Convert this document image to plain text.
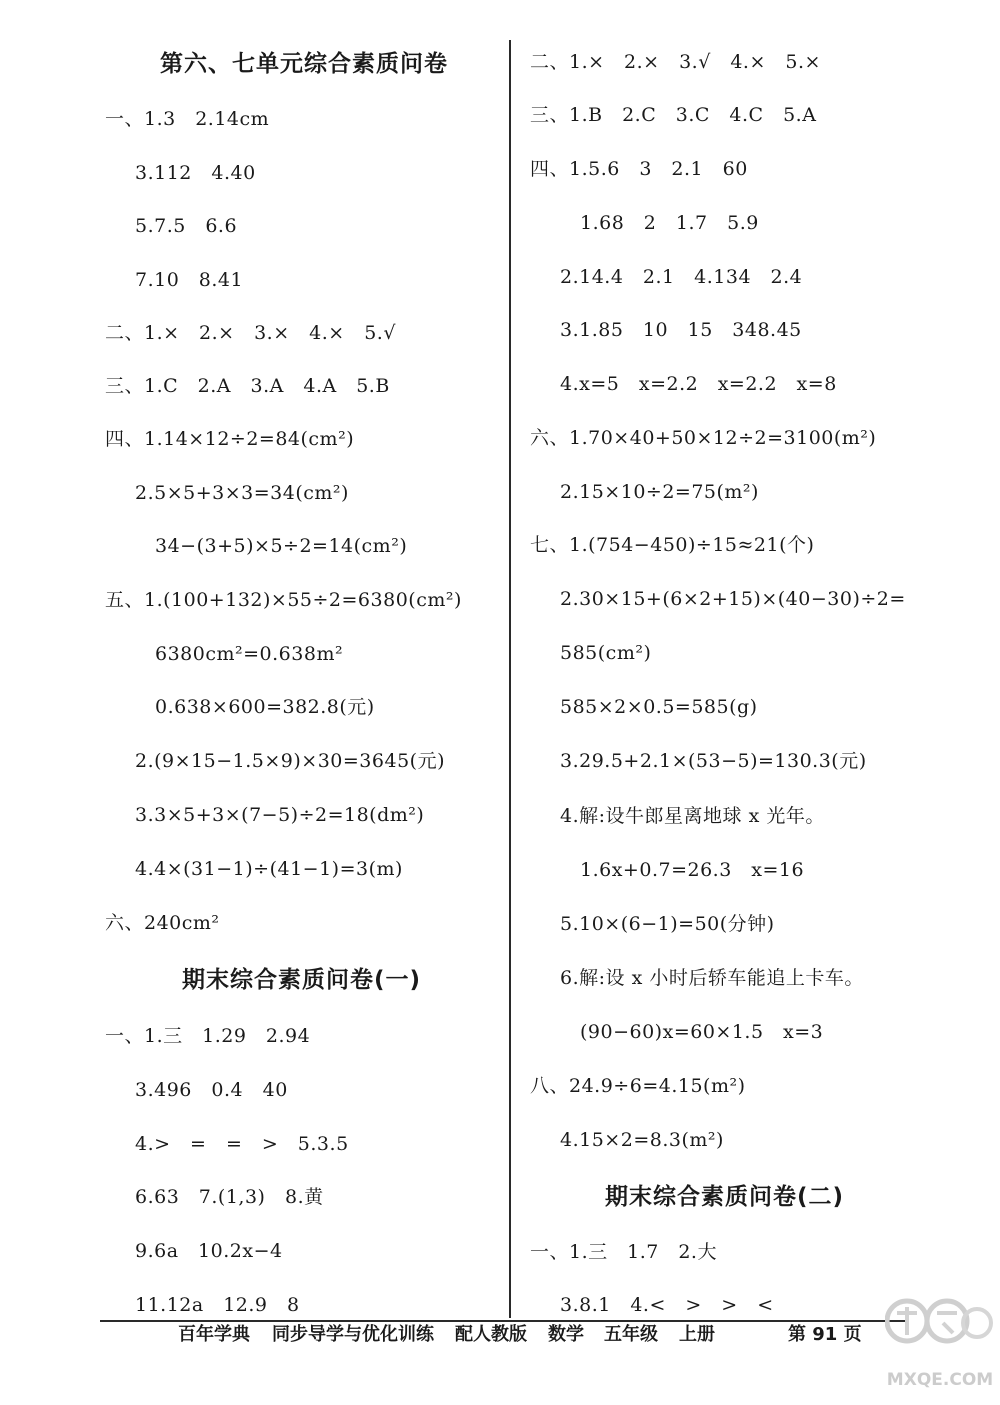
第六、七单元综合素质问卷
一、1.3　2.14cm
3.112　4.40
5.7.5　6.6
7.10　8.41
二、1.×　2.×　3.×　4.×　5.√
三、1.C　2.A　3.A　4.A　5.B
四、1.14×12÷2=84(cm²)
2.5×5+3×3=34(cm²)
34−(3+5)×5÷2=14(cm²)
五、1.(100+132)×55÷2=6380(cm²)
6380cm²=0.638m²
0.638×600=382.8(元)
2.(9×15−1.5×9)×30=3645(元)
3.3×5+3×(7−5)÷2=18(dm²)
4.4×(31−1)÷(41−1)=3(m)
六、240cm²
期末综合素质问卷(一)
一、1.三　1.29　2.94
3.496　0.4　40
4.>　=　=　>　5.3.5
6.63　7.(1,3)　8.黄
9.6a　10.2x−4
11.12a　12.9　8
二、1.×　2.×　3.√　4.×　5.×
三、1.B　2.C　3.C　4.C　5.A
四、1.5.6　3　2.1　60
1.68　2　1.7　5.9
2.14.4　2.1　4.134　2.4
3.1.85　10　15　348.45
4.x=5　x=2.2　x=2.2　x=8
六、1.70×40+50×12÷2=3100(m²)
2.15×10÷2=75(m²)
七、1.(754−450)÷15≈21(个)
2.30×15+(6×2+15)×(40−30)÷2=
585(cm²)
585×2×0.5=585(g)
3.29.5+2.1×(53−5)=130.3(元)
4.解:设牛郎星离地球 x 光年。
1.6x+0.7=26.3　x=16
5.10×(6−1)=50(分钟)
6.解:设 x 小时后轿车能追上卡车。
(90−60)x=60×1.5　x=3
八、24.9÷6=4.15(m²)
4.15×2=8.3(m²)
期末综合素质问卷(二)
一、1.三　1.7　2.大
3.8.1　4.<　>　>　<
百年学典 同步导学与优化训练 配人教版 数学 五年级 上册	第 91 页
MXQE.COM
